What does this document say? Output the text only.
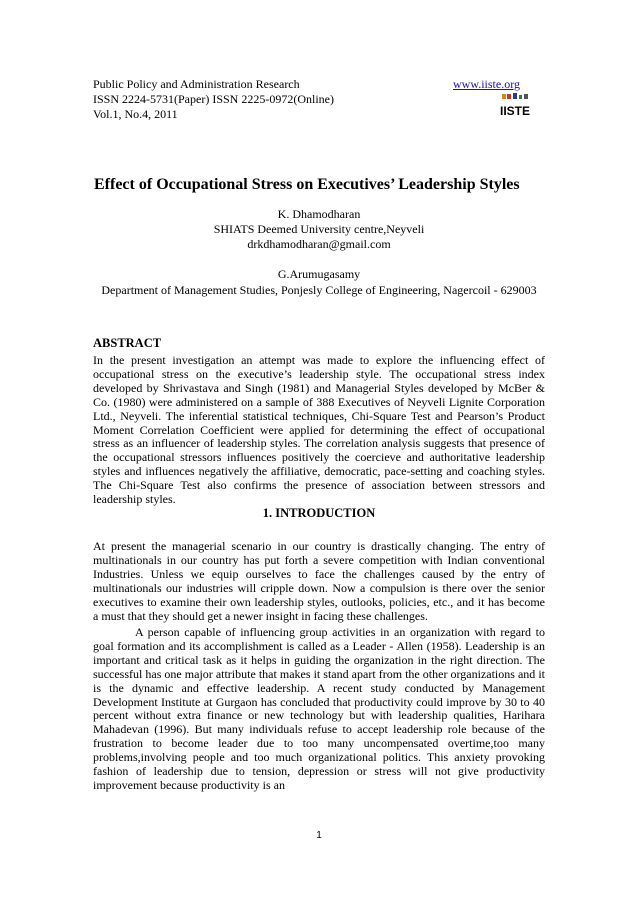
Public Policy and Administration Research
ISSN 2224-5731(Paper) ISSN 2225-0972(Online)
Vol.1, No.4, 2011
www.iiste.org
IISTE
Effect of Occupational Stress on Executives’ Leadership Styles
K. Dhamodharan
SHIATS Deemed University centre,Neyveli
drkdhamodharan@gmail.com
G.Arumugasamy
Department of Management Studies, Ponjesly College of Engineering, Nagercoil - 629003
ABSTRACT
In the present investigation an attempt was made to explore the influencing effect of occupational stress on the executive’s leadership style. The occupational stress index developed by Shrivastava and Singh (1981) and Managerial Styles developed by McBer & Co. (1980) were administered on a sample of 388 Executives of Neyveli Lignite Corporation Ltd., Neyveli. The inferential statistical techniques, Chi-Square Test and Pearson’s Product Moment Correlation Coefficient were applied for determining the effect of occupational stress as an influencer of leadership styles. The correlation analysis suggests that presence of the occupational stressors influences positively the coercieve and authoritative leadership styles and influences negatively the affiliative, democratic, pace-setting and coaching styles. The Chi-Square Test also confirms the presence of association between stressors and leadership styles.
1. INTRODUCTION
At present the managerial scenario in our country is drastically changing. The entry of multinationals in our country has put forth a severe competition with Indian conventional Industries. Unless we equip ourselves to face the challenges caused by the entry of multinationals our industries will cripple down. Now a compulsion is there over the senior executives to examine their own leadership styles, outlooks, policies, etc., and it has become a must that they should get a newer insight in facing these challenges.
A person capable of influencing group activities in an organization with regard to goal formation and its accomplishment is called as a Leader - Allen (1958). Leadership is an important and critical task as it helps in guiding the organization in the right direction. The successful has one major attribute that makes it stand apart from the other organizations and it is the dynamic and effective leadership. A recent study conducted by Management Development Institute at Gurgaon has concluded that productivity could improve by 30 to 40 percent without extra finance or new technology but with leadership qualities, Harihara Mahadevan (1996). But many individuals refuse to accept leadership role because of the frustration to become leader due to too many uncompensated overtime,too many problems,involving people and too much organizational politics. This anxiety provoking fashion of leadership due to tension, depression or stress will not give productivity improvement because productivity is an
1
